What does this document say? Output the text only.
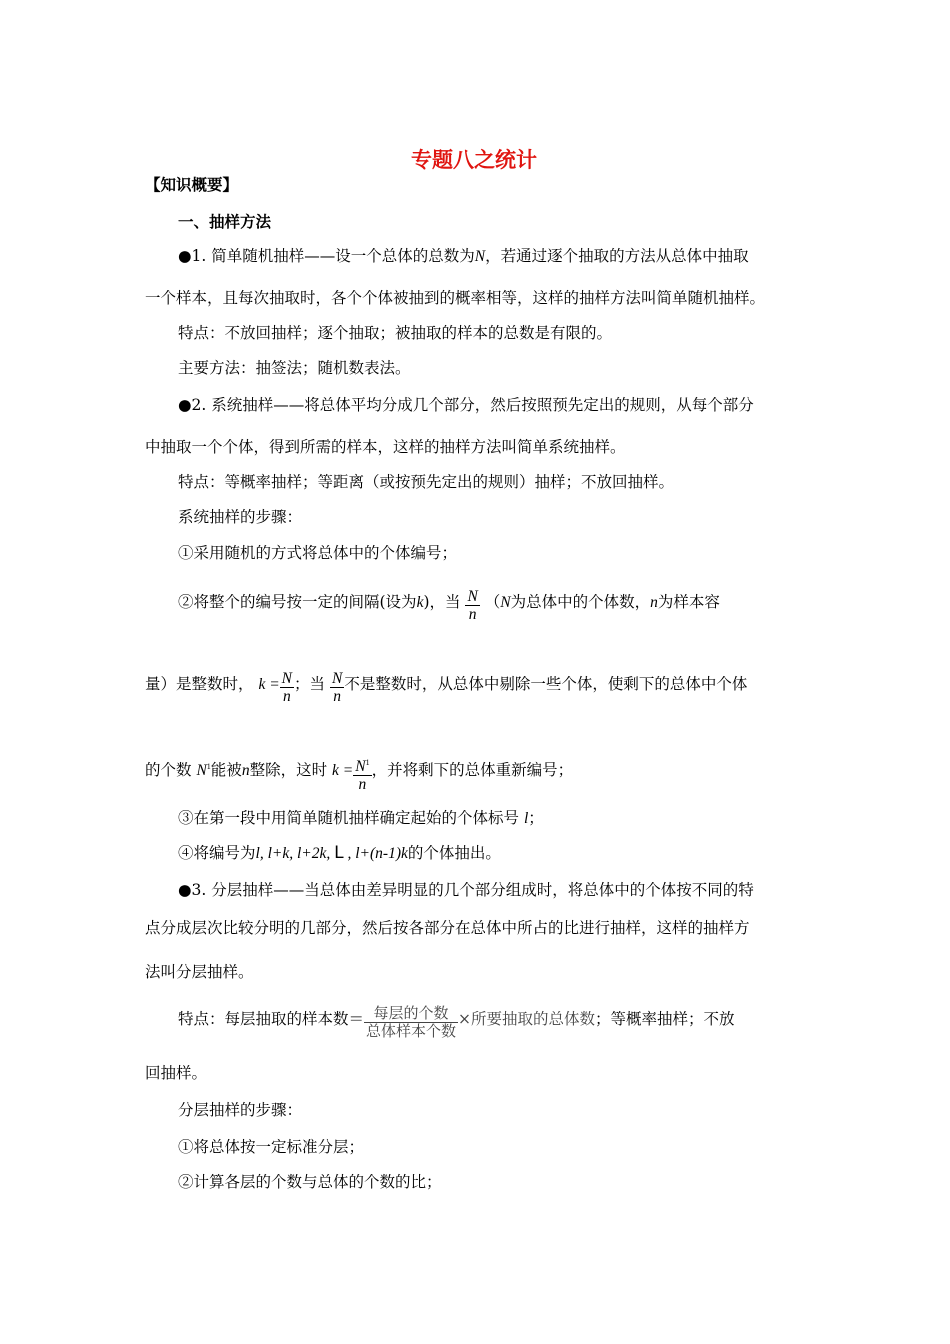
专题八之统计
【知识概要】
一、抽样方法
●1. 简单随机抽样——设一个总体的总数为N，若通过逐个抽取的方法从总体中抽取
一个样本，且每次抽取时，各个个体被抽到的概率相等，这样的抽样方法叫简单随机抽样。
特点：不放回抽样；逐个抽取；被抽取的样本的总数是有限的。
主要方法：抽签法；随机数表法。
●2. 系统抽样——将总体平均分成几个部分，然后按照预先定出的规则，从每个部分
中抽取一个个体，得到所需的样本，这样的抽样方法叫简单系统抽样。
特点：等概率抽样；等距离（或按预先定出的规则）抽样；不放回抽样。
系统抽样的步骤：
①采用随机的方式将总体中的个体编号；
②将整个的编号按一定的间隔(设为k)，当 $\frac{N}{n} (N$为总体中的个体数，n为样本容
量）是整数时， $k = \frac{N}{n}$ ；当 $\frac{N}{n}$ 不是整数时，从总体中剔除一些个体，使剩下的总体中个体
的个数 $N^1$能被n整除，这时 $k = \frac{N^1}{n}$ ，并将剩下的总体重新编号；
③在第一段中用简单随机抽样确定起始的个体标号 l；
④将编号为l, l+k, l+2k, L , l+(n-1)k的个体抽出。
●3. 分层抽样——当总体由差异明显的几个部分组成时，将总体中的个体按不同的特
点分成层次比较分明的几部分，然后按各部分在总体中所占的比进行抽样，这样的抽样方
法叫分层抽样。
特点：每层抽取的样本数＝ $\frac{\text{每层的个数}}{\text{总体样本个数}}$ ×所要抽取的总体数；等概率抽样；不放
回抽样。
分层抽样的步骤：
①将总体按一定标准分层；
②计算各层的个数与总体的个数的比；
